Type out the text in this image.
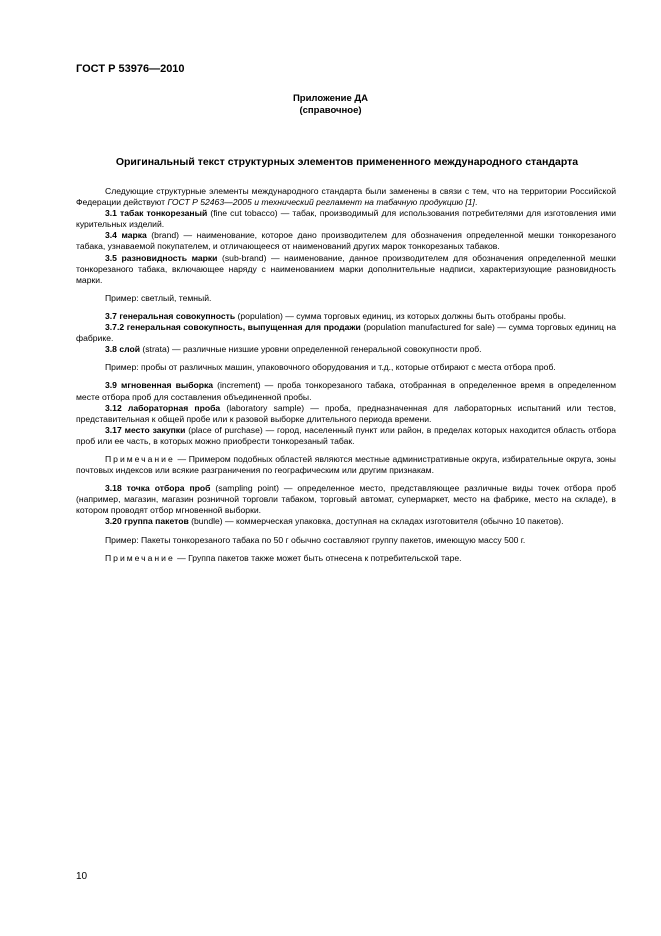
ГОСТ Р 53976—2010
Приложение ДА
(справочное)
Оригинальный текст структурных элементов примененного международного стандарта

Следующие структурные элементы международного стандарта были заменены в связи с тем, что на территории Российской Федерации действуют ГОСТ Р 52463—2005 и технический регламент на табачную продукцию [1].

3.1 табак тонкорезаный (fine cut tobacco) — табак, производимый для использования потребителями для изготовления ими курительных изделий.

3.4 марка (brand) — наименование, которое дано производителем для обозначения определенной мешки тонкорезаного табака, узнаваемой покупателем, и отличающееся от наименований других марок тонкорезаных табаков.

3.5 разновидность марки (sub-brand) — наименование, данное производителем для обозначения определенной мешки тонкорезаного табака, включающее наряду с наименованием марки дополнительные надписи, характеризующие разновидность марки.

Пример: светлый, темный.

3.7 генеральная совокупность (population) — сумма торговых единиц, из которых должны быть отобраны пробы.

3.7.2 генеральная совокупность, выпущенная для продажи (population manufactured for sale) — сумма торговых единиц на фабрике.

3.8 слой (strata) — различные низшие уровни определенной генеральной совокупности проб.

Пример: пробы от различных машин, упаковочного оборудования и т.д., которые отбирают с места отбора проб.

3.9 мгновенная выборка (increment) — проба тонкорезаного табака, отобранная в определенное время в определенном месте отбора проб для составления объединенной пробы.

3.12 лабораторная проба (laboratory sample) — проба, предназначенная для лабораторных испытаний или тестов, представительная к общей пробе или к разовой выборке длительного периода времени.

3.17 место закупки (place of purchase) — город, населенный пункт или район, в пределах которых находится область отбора проб или ее часть, в которых можно приобрести тонкорезаный табак.

Примечание — Примером подобных областей являются местные административные округа, избирательные округа, зоны почтовых индексов или всякие разграничения по географическим или другим признакам.

3.18 точка отбора проб (sampling point) — определенное место, представляющее различные виды точек отбора проб (например, магазин, магазин розничной торговли табаком, торговый автомат, супермаркет, место на фабрике, место на складе), в котором проводят отбор мгновенной выборки.

3.20 группа пакетов (bundle) — коммерческая упаковка, доступная на складах изготовителя (обычно 10 пакетов).

Пример: Пакеты тонкорезаного табака по 50 г обычно составляют группу пакетов, имеющую массу 500 г.

Примечание — Группа пакетов также может быть отнесена к потребительской таре.

10
